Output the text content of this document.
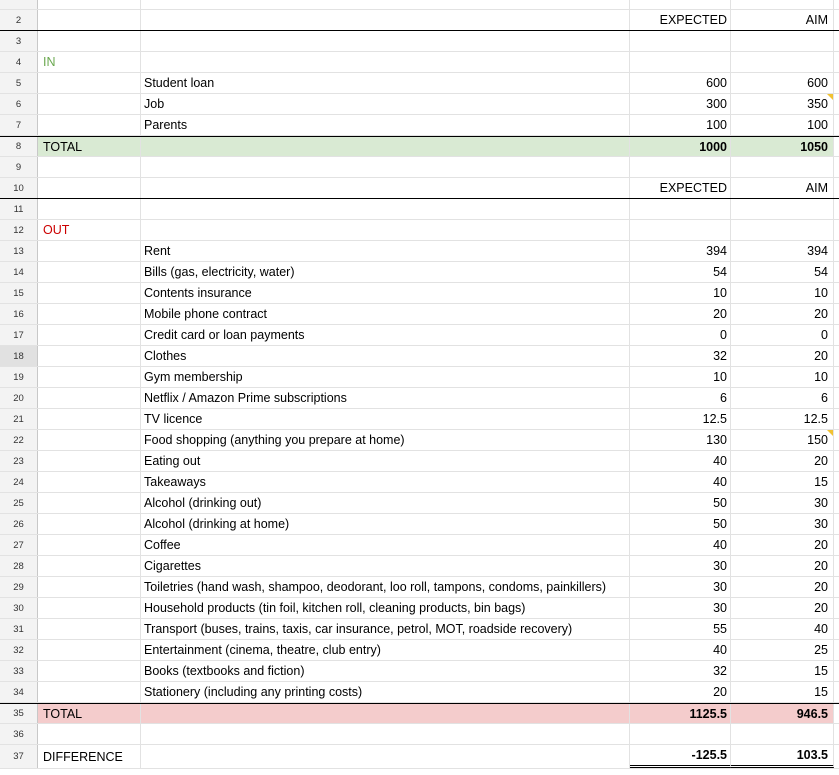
2	EXPECTED	AIM
3
4	IN
5	Student loan	600	600
6	Job	300	350
7	Parents	100	100
8	TOTAL	1000	1050
9
10	EXPECTED	AIM
11
12	OUT
13	Rent	394	394
14	Bills (gas, electricity, water)	54	54
15	Contents insurance	10	10
16	Mobile phone contract	20	20
17	Credit card or loan payments	0	0
18	Clothes	32	20
19	Gym membership	10	10
20	Netflix / Amazon Prime subscriptions	6	6
21	TV licence	12.5	12.5
22	Food shopping (anything you prepare at home)	130	150
23	Eating out	40	20
24	Takeaways	40	15
25	Alcohol (drinking out)	50	30
26	Alcohol (drinking at home)	50	30
27	Coffee	40	20
28	Cigarettes	30	20
29	Toiletries (hand wash, shampoo, deodorant, loo roll, tampons, condoms, painkillers)	30	20
30	Household products (tin foil, kitchen roll, cleaning products, bin bags)	30	20
31	Transport (buses, trains, taxis, car insurance, petrol, MOT, roadside recovery)	55	40
32	Entertainment (cinema, theatre, club entry)	40	25
33	Books (textbooks and fiction)	32	15
34	Stationery (including any printing costs)	20	15
35	TOTAL	1125.5	946.5
36
37	DIFFERENCE	-125.5	103.5
